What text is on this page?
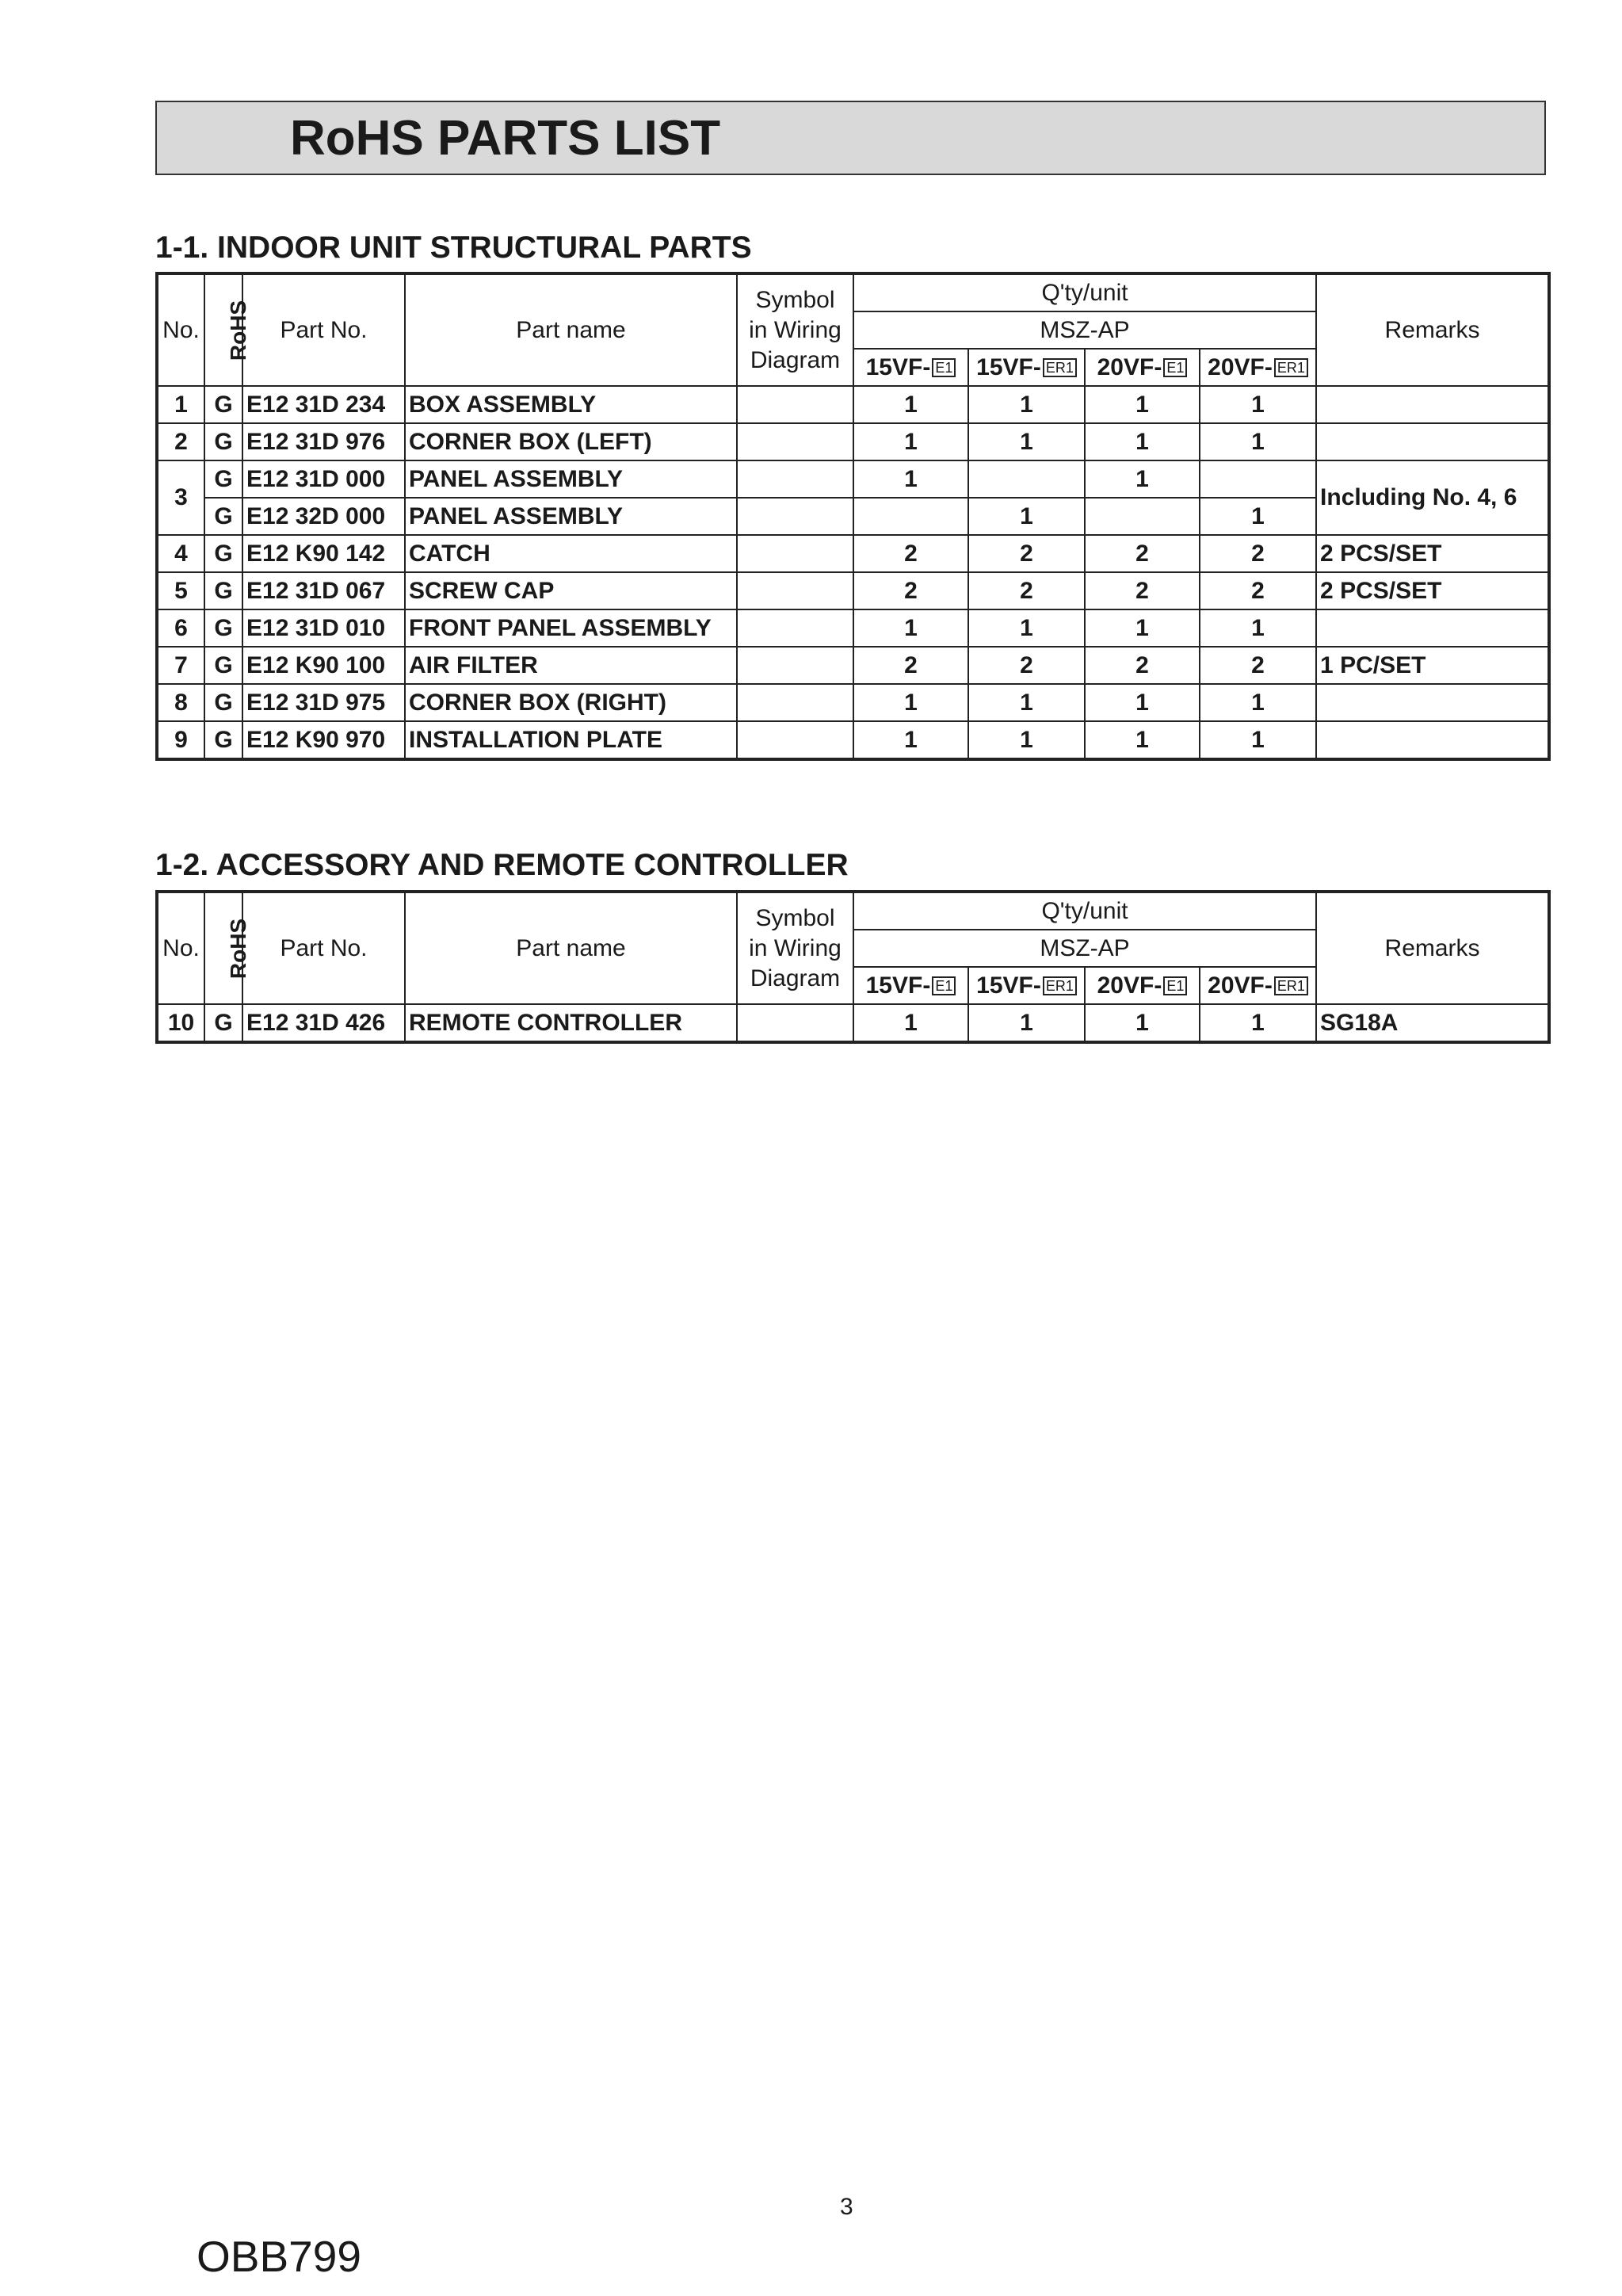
RoHS PARTS LIST
1-1. INDOOR UNIT STRUCTURAL PARTS
No.	RoHS	Part No.	Part name	Symbol
in Wiring
Diagram	Q'ty/unit				Remarks
					MSZ-AP				
					15VF- E1	15VF- ER1	20VF- E1	20VF- ER1	
1	G	E12 31D 234	BOX ASSEMBLY		1	1	1	1	
2	G	E12 31D 976	CORNER BOX (LEFT)		1	1	1	1	
3	G	E12 31D 000	PANEL ASSEMBLY		1		1		Including No. 4, 6
	G	E12 32D 000	PANEL ASSEMBLY			1		1	
4	G	E12 K90 142	CATCH		2	2	2	2	2 PCS/SET
5	G	E12 31D 067	SCREW CAP		2	2	2	2	2 PCS/SET
6	G	E12 31D 010	FRONT PANEL ASSEMBLY		1	1	1	1	
7	G	E12 K90 100	AIR FILTER		2	2	2	2	1 PC/SET
8	G	E12 31D 975	CORNER BOX (RIGHT)		1	1	1	1	
9	G	E12 K90 970	INSTALLATION PLATE		1	1	1	1	
1-2. ACCESSORY AND REMOTE CONTROLLER
No.	RoHS	Part No.	Part name	Symbol
in Wiring
Diagram	Q'ty/unit				Remarks
					MSZ-AP				
					15VF- E1	15VF- ER1	20VF- E1	20VF- ER1	
10	G	E12 31D 426	REMOTE CONTROLLER		1	1	1	1	SG18A
3
OBB799
